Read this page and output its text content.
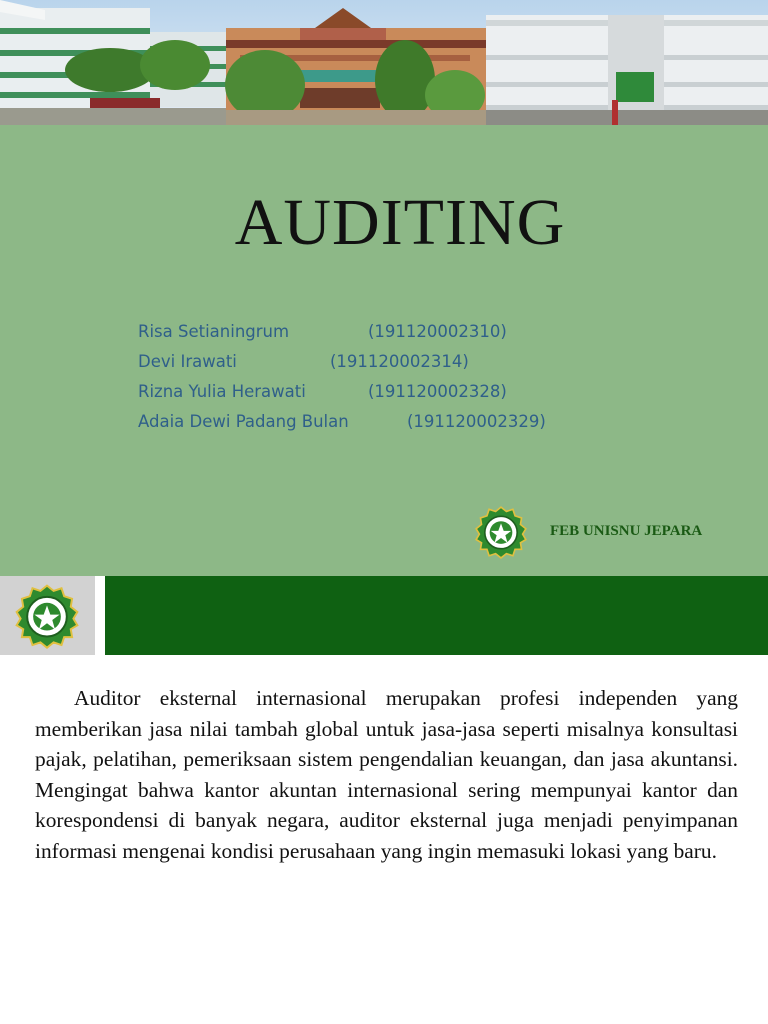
AUDITING
Risa Setianingrum	(191120002310)
Devi Irawati	(191120002314)
Rizna Yulia Herawati	(191120002328)
Adaia Dewi Padang Bulan	(191120002329)
FEB UNISNU JEPARA

Auditor eksternal internasional merupakan profesi independen yang memberikan jasa nilai tambah global untuk jasa-jasa seperti misalnya konsultasi pajak, pelatihan, pemeriksaan sistem pengendalian keuangan, dan jasa akuntansi. Mengingat bahwa kantor akuntan internasional sering mempunyai kantor dan korespondensi di banyak negara, auditor eksternal juga menjadi penyimpanan informasi mengenai kondisi perusahaan yang ingin memasuki lokasi yang baru.
